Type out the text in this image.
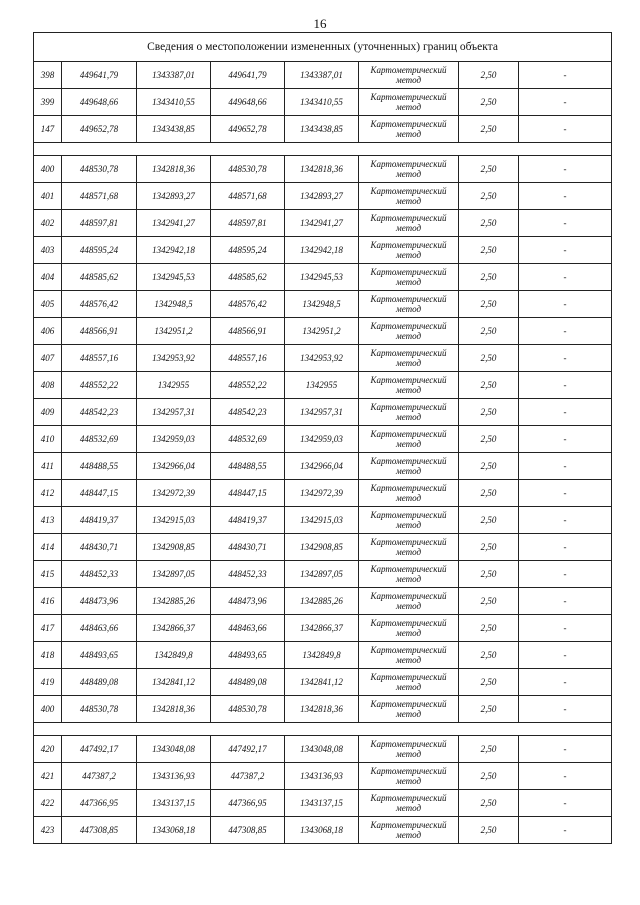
16
Сведения о местоположении измененных (уточненных) границ объекта							
398	449641,79	1343387,01	449641,79	1343387,01	Картометрический метод	2,50	-
399	449648,66	1343410,55	449648,66	1343410,55	Картометрический метод	2,50	-
147	449652,78	1343438,85	449652,78	1343438,85	Картометрический метод	2,50	-

400	448530,78	1342818,36	448530,78	1342818,36	Картометрический метод	2,50	-
401	448571,68	1342893,27	448571,68	1342893,27	Картометрический метод	2,50	-
402	448597,81	1342941,27	448597,81	1342941,27	Картометрический метод	2,50	-
403	448595,24	1342942,18	448595,24	1342942,18	Картометрический метод	2,50	-
404	448585,62	1342945,53	448585,62	1342945,53	Картометрический метод	2,50	-
405	448576,42	1342948,5	448576,42	1342948,5	Картометрический метод	2,50	-
406	448566,91	1342951,2	448566,91	1342951,2	Картометрический метод	2,50	-
407	448557,16	1342953,92	448557,16	1342953,92	Картометрический метод	2,50	-
408	448552,22	1342955	448552,22	1342955	Картометрический метод	2,50	-
409	448542,23	1342957,31	448542,23	1342957,31	Картометрический метод	2,50	-
410	448532,69	1342959,03	448532,69	1342959,03	Картометрический метод	2,50	-
411	448488,55	1342966,04	448488,55	1342966,04	Картометрический метод	2,50	-
412	448447,15	1342972,39	448447,15	1342972,39	Картометрический метод	2,50	-
413	448419,37	1342915,03	448419,37	1342915,03	Картометрический метод	2,50	-
414	448430,71	1342908,85	448430,71	1342908,85	Картометрический метод	2,50	-
415	448452,33	1342897,05	448452,33	1342897,05	Картометрический метод	2,50	-
416	448473,96	1342885,26	448473,96	1342885,26	Картометрический метод	2,50	-
417	448463,66	1342866,37	448463,66	1342866,37	Картометрический метод	2,50	-
418	448493,65	1342849,8	448493,65	1342849,8	Картометрический метод	2,50	-
419	448489,08	1342841,12	448489,08	1342841,12	Картометрический метод	2,50	-
400	448530,78	1342818,36	448530,78	1342818,36	Картометрический метод	2,50	-

420	447492,17	1343048,08	447492,17	1343048,08	Картометрический метод	2,50	-
421	447387,2	1343136,93	447387,2	1343136,93	Картометрический метод	2,50	-
422	447366,95	1343137,15	447366,95	1343137,15	Картометрический метод	2,50	-
423	447308,85	1343068,18	447308,85	1343068,18	Картометрический метод	2,50	-
